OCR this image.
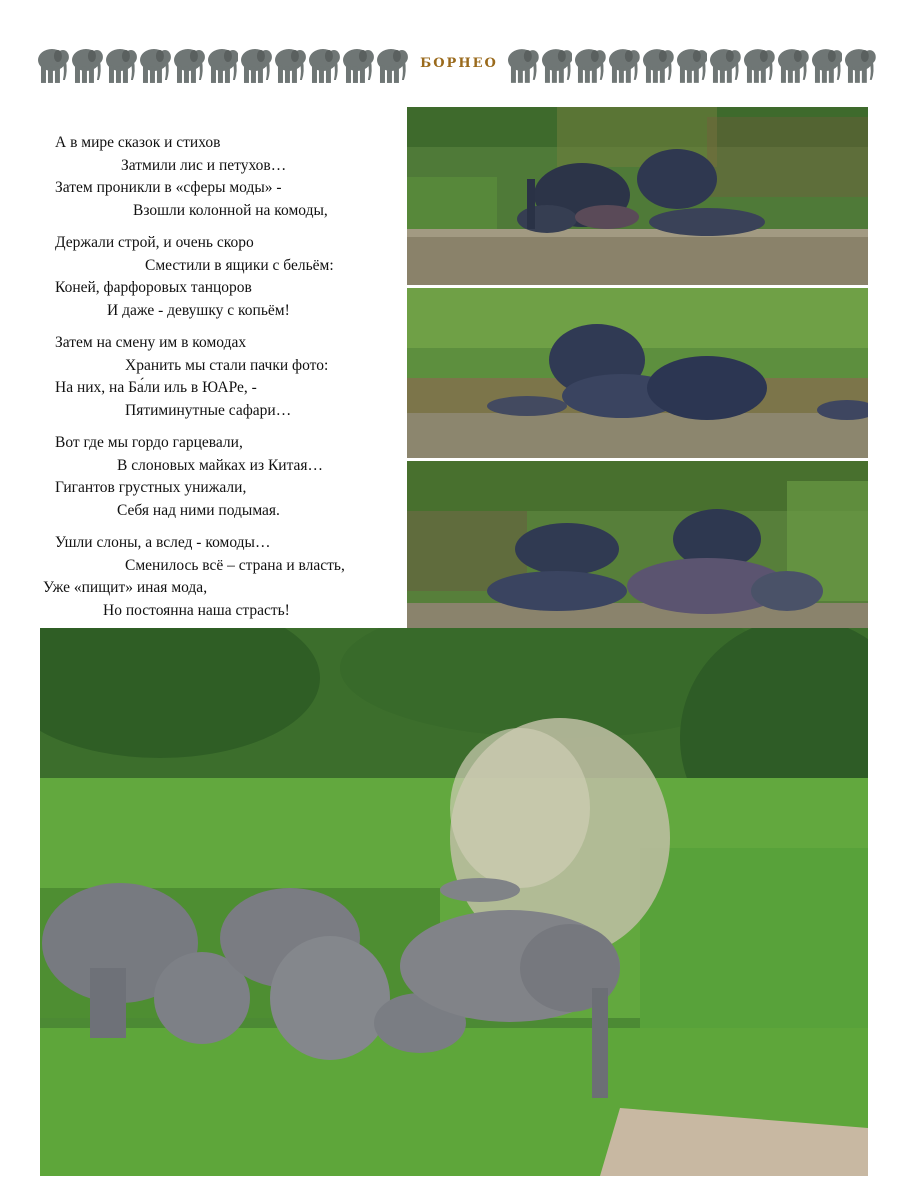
БОРНЕО
А в мире сказок и стихов
Затмили лис и петухов…
Затем проникли в «сферы моды» -
Взошли колонной на комоды,
Держали строй, и очень скоро
Сместили в ящики с бельём:
Коней, фарфоровых танцоров
И даже - девушку с копьём!
Затем на смену им в комодах
Хранить мы стали пачки фото:
На них, на Ба́ли иль в ЮАРе, -
Пятиминутные сафари…
Вот где мы гордо гарцевали,
В слоновых майках из Китая…
Гигантов грустных унижали,
Себя над ними подымая.
Ушли слоны, а вслед - комоды…
Сменилось всё – страна и власть,
Уже «пищит» иная мода,
Но постоянна наша страсть!
